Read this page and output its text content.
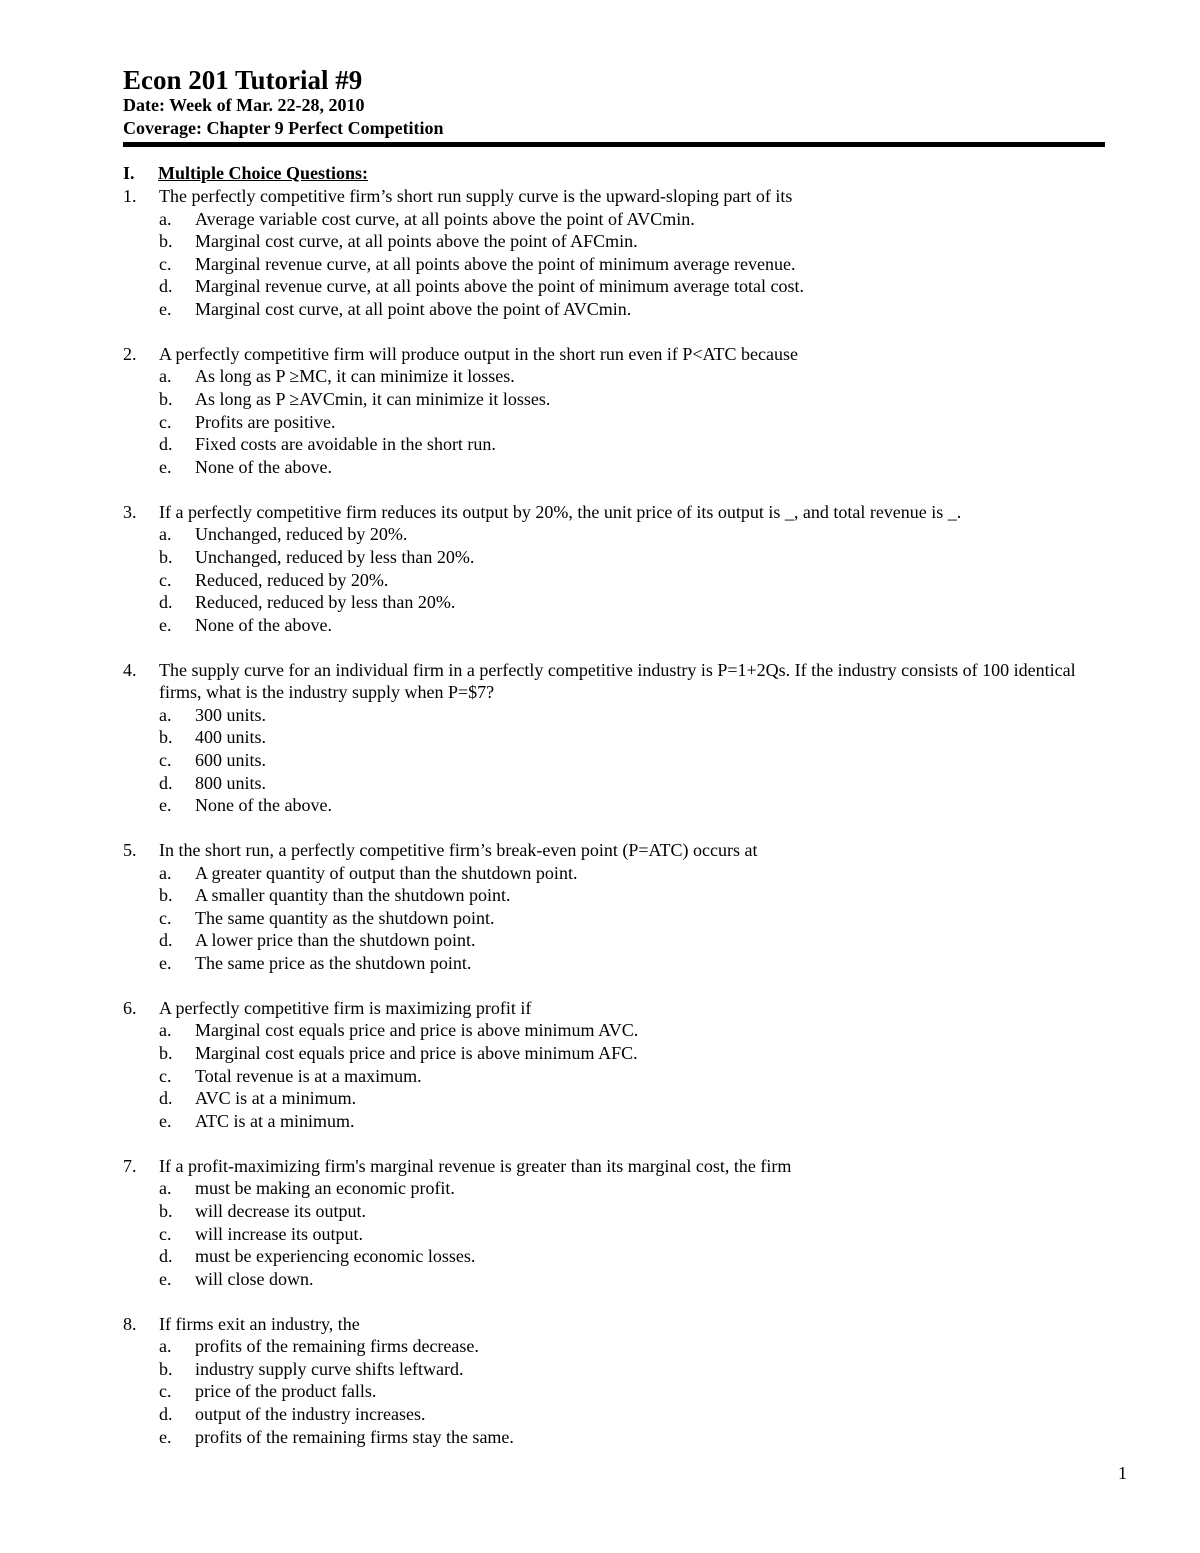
Econ 201 Tutorial #9
Date: Week of Mar. 22-28, 2010
Coverage: Chapter 9 Perfect Competition
I. Multiple Choice Questions:
1.	The perfectly competitive firm’s short run supply curve is the upward-sloping part of its
a.	Average variable cost curve, at all points above the point of AVCmin.
b.	Marginal cost curve, at all points above the point of AFCmin.
c.	Marginal revenue curve, at all points above the point of minimum average revenue.
d.	Marginal revenue curve, at all points above the point of minimum average total cost.
e.	Marginal cost curve, at all point above the point of AVCmin.
2.	A perfectly competitive firm will produce output in the short run even if P<ATC because
a.	As long as P ≥MC, it can minimize it losses.
b.	As long as P ≥AVCmin, it can minimize it losses.
c.	Profits are positive.
d.	Fixed costs are avoidable in the short run.
e.	None of the above.
3.	If a perfectly competitive firm reduces its output by 20%, the unit price of its output is _, and total revenue is _.
a.	Unchanged, reduced by 20%.
b.	Unchanged, reduced by less than 20%.
c.	Reduced, reduced by 20%.
d.	Reduced, reduced by less than 20%.
e.	None of the above.
4.	The supply curve for an individual firm in a perfectly competitive industry is P=1+2Qs. If the industry consists of 100 identical firms, what is the industry supply when P=$7?
a.	300 units.
b.	400 units.
c.	600 units.
d.	800 units.
e.	None of the above.
5.	In the short run, a perfectly competitive firm’s break-even point (P=ATC) occurs at
a.	A greater quantity of output than the shutdown point.
b.	A smaller quantity than the shutdown point.
c.	The same quantity as the shutdown point.
d.	A lower price than the shutdown point.
e.	The same price as the shutdown point.
6.	A perfectly competitive firm is maximizing profit if
a.	Marginal cost equals price and price is above minimum AVC.
b.	Marginal cost equals price and price is above minimum AFC.
c.	Total revenue is at a maximum.
d.	AVC is at a minimum.
e.	ATC is at a minimum.
7.	If a profit-maximizing firm's marginal revenue is greater than its marginal cost, the firm
a.	must be making an economic profit.
b.	will decrease its output.
c.	will increase its output.
d.	must be experiencing economic losses.
e.	will close down.
8.	If firms exit an industry, the
a.	profits of the remaining firms decrease.
b.	industry supply curve shifts leftward.
c.	price of the product falls.
d.	output of the industry increases.
e.	profits of the remaining firms stay the same.
1
